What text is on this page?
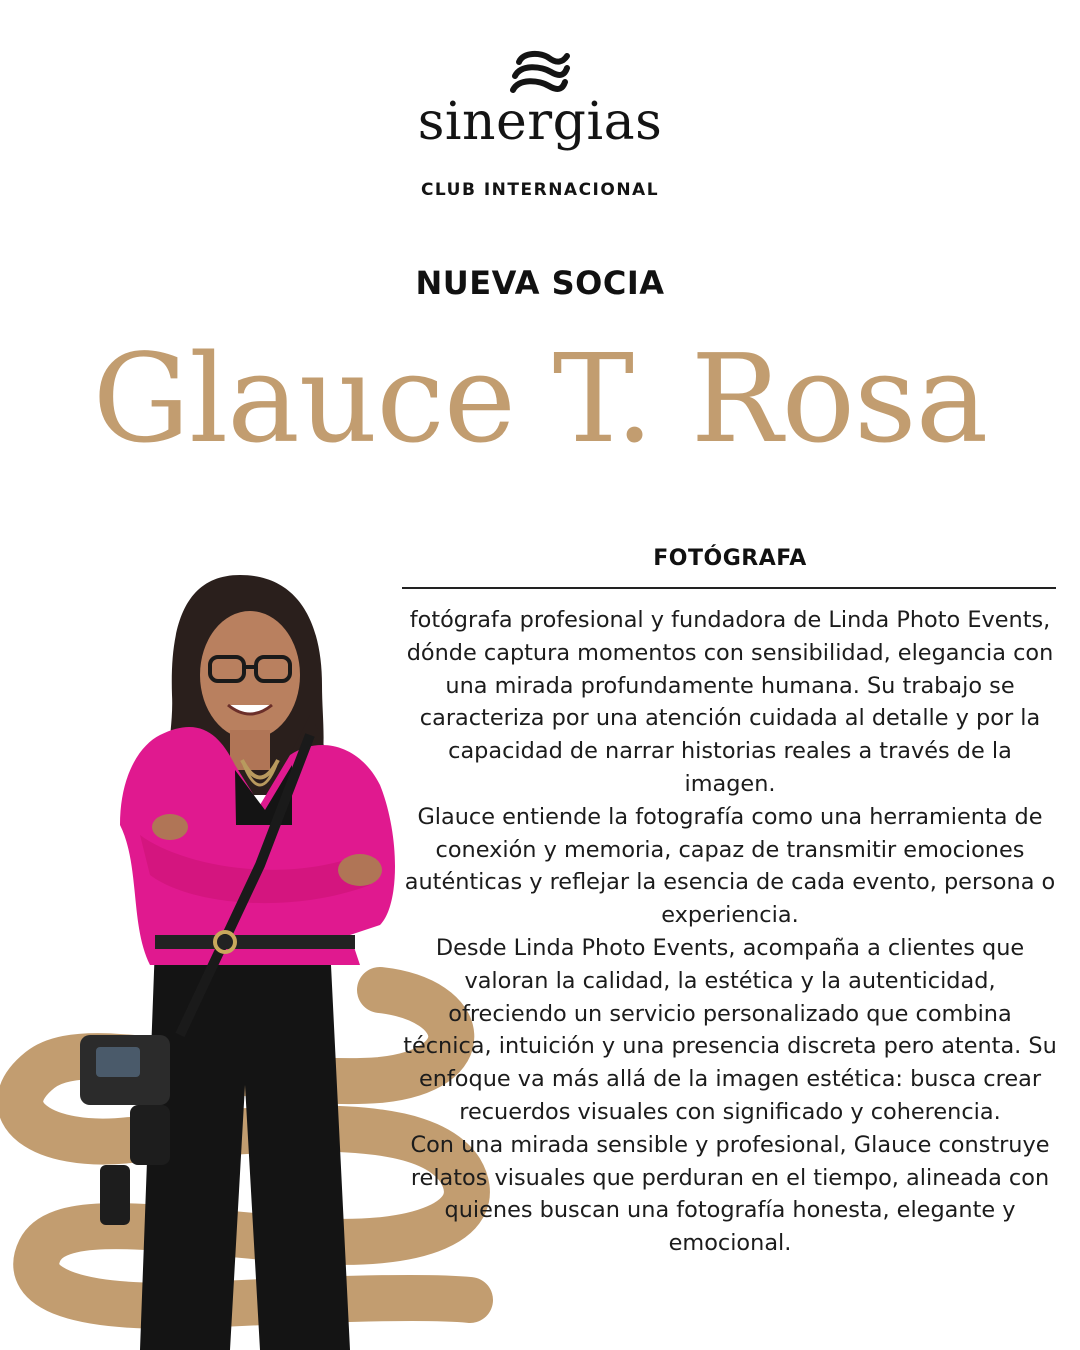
sinergias
CLUB INTERNACIONAL
NUEVA SOCIA
Glauce T. Rosa
FOTÓGRAFA

fotógrafa profesional y fundadora de Linda Photo Events, dónde captura momentos con sensibilidad, elegancia con una mirada profundamente humana. Su trabajo se caracteriza por una atención cuidada al detalle y por la capacidad de narrar historias reales a través de la imagen.

Glauce entiende la fotografía como una herramienta de conexión y memoria, capaz de transmitir emociones auténticas y reflejar la esencia de cada evento, persona o experiencia.

Desde Linda Photo Events, acompaña a clientes que valoran la calidad, la estética y la autenticidad, ofreciendo un servicio personalizado que combina técnica, intuición y una presencia discreta pero atenta. Su enfoque va más allá de la imagen estética: busca crear recuerdos visuales con significado y coherencia.

Con una mirada sensible y profesional, Glauce construye relatos visuales que perduran en el tiempo, alineada con quienes buscan una fotografía honesta, elegante y emocional.
